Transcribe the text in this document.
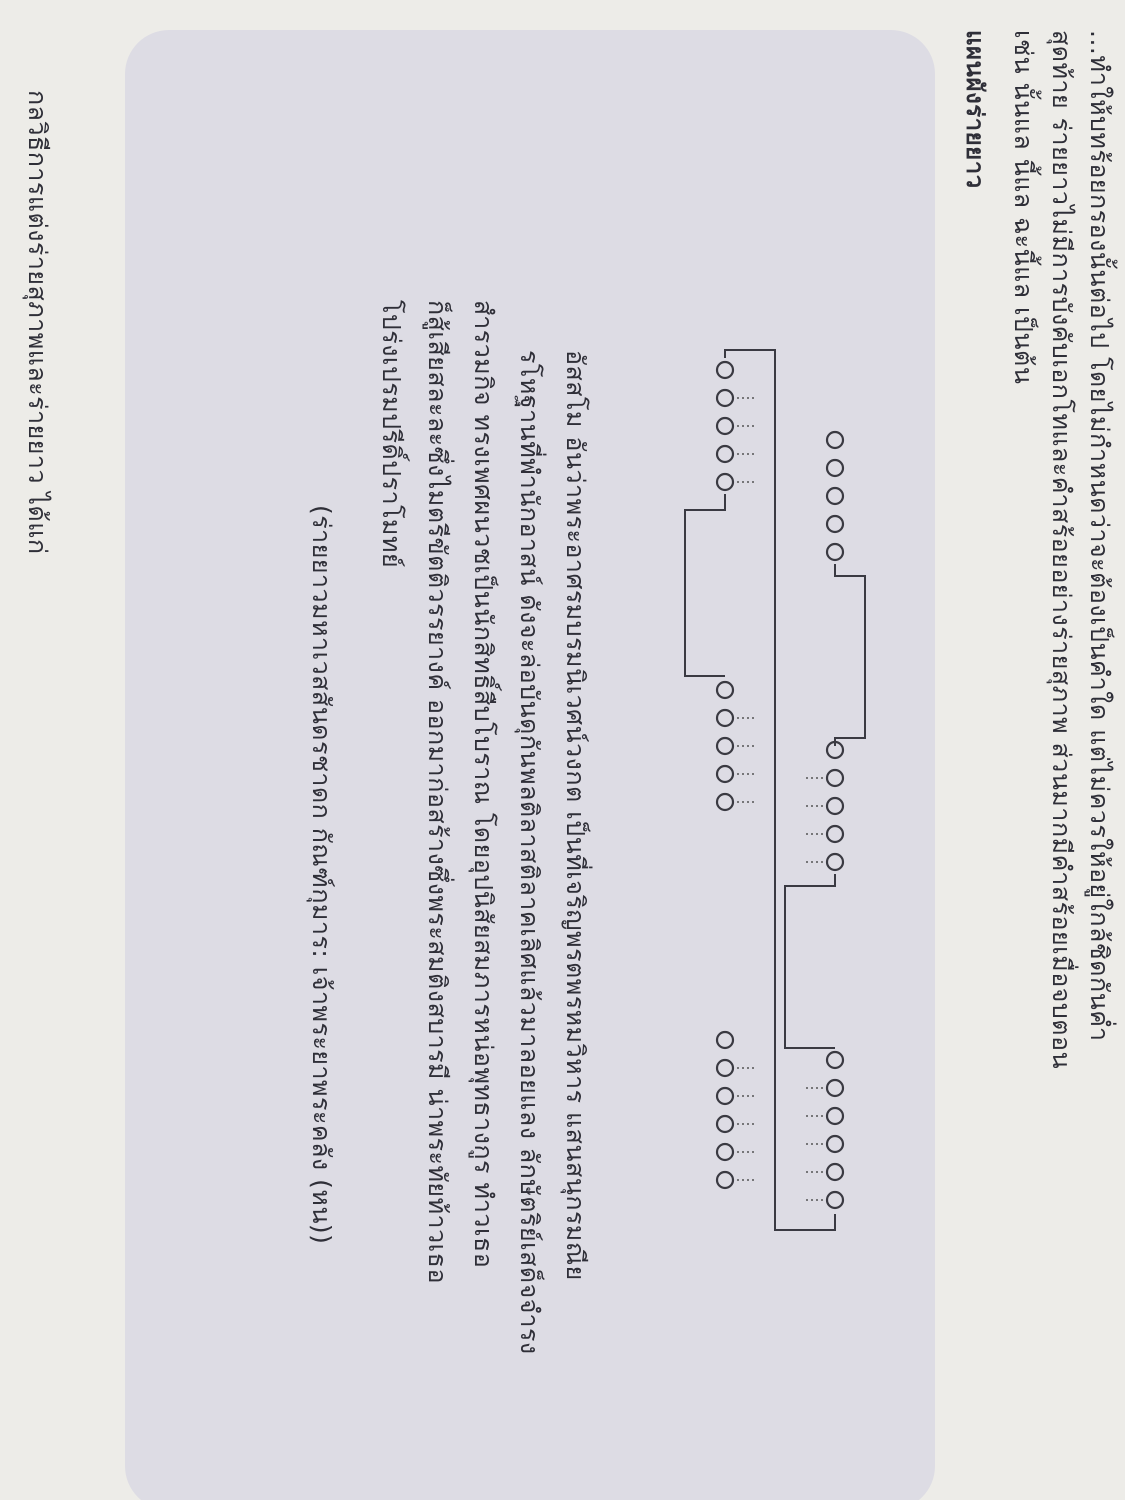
...ทำให้บทร้อยกรองนั้นต่อไป โดยไม่กำหนดว่าจะต้องเป็นคำใด แต่ไม่ควรให้อยู่ใกล้ชิดกันค่ำ
สุดท้าย ร่ายยาวไม่มีการบังคับเอกโทและคำสร้อยอย่างร่ายสุภาพ ส่วนมากมีคำสร้อยเมื่อจบตอน
เช่น นั้นแล นี้แล ฉะนี้แล เป็นต้น
แผนผังร่ายยาว
อัสสโม อันว่าพระอาศรมบรมนิเวศน์วงกต เป็นที่เจริญพรตพรหมวิหาร แสนสนุกรมณีย
รโหฐานที่พำนักอาสน์ ดังจะล่อบันดุกันพลติลาสติลาคเลิศแล้วมาลอยแลง ลักษัตริย์เสด็จจำรง
สำรวมกิจ ทรงเพศผนวชเป็นนักสิทธิ์สืบโบราณ โดยอุปนิสัยสมภารหน่อพุทธางกูร ทำวเธอ
ก็สู้เสียสละละซึ่งไมตรีขัตติวรรยางค์ ออกมาก่อสร้างซึ่งพระสมติงสบารมี น่าพระทัยท้าวเธอ
โปร่งเปรมปรีดิ์ปราโมทย์
(ร่ายยาวมหาเวสสันดรชาดก กัณฑ์กุมาร: เจ้าพระยาพระคลัง (หน))
กลวิธีการแต่งร่ายสุภาพและร่ายยาว ได้แก่
